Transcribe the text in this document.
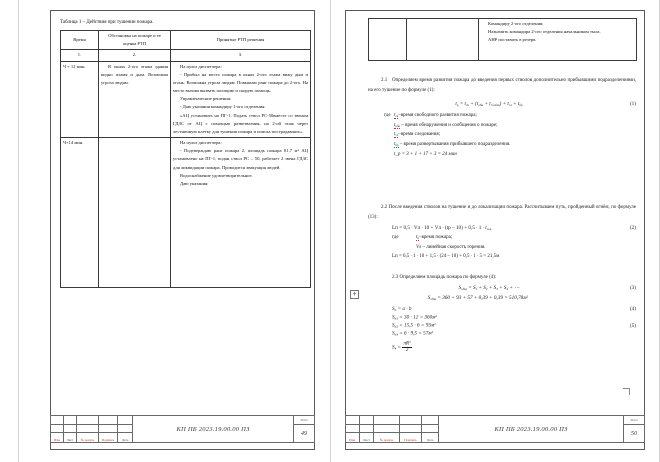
Таблица 1 – Действия при тушении пожара.
Время	Обстановка на пожаре и ее оценка РТП	Принятые РТП решения
1.	2.	3.
Ч + 12 мин.	В окнах 2-ого этажа здания видно пламя и дым. Возможна угроза людям.	На пульт диспетчера:
- Прибыл на место пожара в окнах 2-ого этажа вижу дым и огонь. Возможна угроза людям. Повышаю ранг пожара до 2-ого. На место вызова вызвать полицию и скорую помощь.
Управленческие решения:
- Даю указания командиру 1-ого отделения:
«АЦ установить на ПГ-1. Подать ствол РС-50вместе со звеном ГДЗС от АЦ с помощью разветвления, на 2-ой этаж через лестничную клетку для тушения пожара и поиска пострадавших».

Ч+14 мин.		На пульт диспетчера:
- Подтверждаю ранг пожара 2, площадь пожара 81,7 м² АЦ установлено на ПГ-1, подан ствол РС – 50, работает 2 звена ГДЗС для ликвидации пожара. Проводится эвакуация людей.
Водоснабжение удовлетворительное.
Даю указания:
Изм.	Лист	№ докум.	Подпись	Дата
КП ПБ 2023.19.00.00 ПЗ
Лист
49

Командиру 2-ого отделения:
Назначить командира 2-ого отделения начальником тыла.
АНР поставить в резерв.

2.1 Определяем время развития пожара до введения первых стволов дополнительно прибывшими подразделениями, на его тушение по формуле (1):

$t_р = t_{св} + (t_{обн} + t_{сообщ}) + t_{сл} + t_{бр}$	(1)
где $t_{св}$–время свободного развития пожара;
$t_{обн}$ – время обнаружения и сообщения о пожаре;
$t_{сл}$–время следования;
$t_{бр}$ – время развертывания прибывшего подразделения.
t_р = 3 + 1 + 17 + 3 = 24 мин

2.2 После введения стволов на тушение и до локализации пожара. Рассчитываем путь, пройденный огнём, по формуле (13):

Lп = 0,5 ∙ Vл ∙ 10 + Vл ∙ $(tр - 10) + 0,5 \cdot 1 \cdot t_{лок}$	(2)
где	$t_п$–время пожара;
Vл – линейная скорость горения.
Lп = 0,5 ∙ 1 ∙ 10 + 1,5 ∙ (24 – 10) + 0,5 ∙ 1 ∙ 5 = 21,5м

2.3 Определяем площадь пожара по формуле (4):

$S_{общ} = S_1 + S_2 + S_3 + S_4$ + ⋯	(3)
$S_{общ} = 360 + 93 + 57 + 0,39 + 0,39 = 510,78м^2$
$S_п = a \cdot b$	(4)
$S_{п1} = 30 \cdot 12 = 360м^2$
$S_{п2} = 15,5 \cdot 6 = 93м^2$	(5)
$S_{п3} = 6 \cdot 9,5 = 57м^2$
$S_4 = \frac{\pi R^2}{2}$
+
Изм.	Лист	№ докум.	Подпись	Дата
КП ПБ 2023.19.00.00 ПЗ
Лист
50
